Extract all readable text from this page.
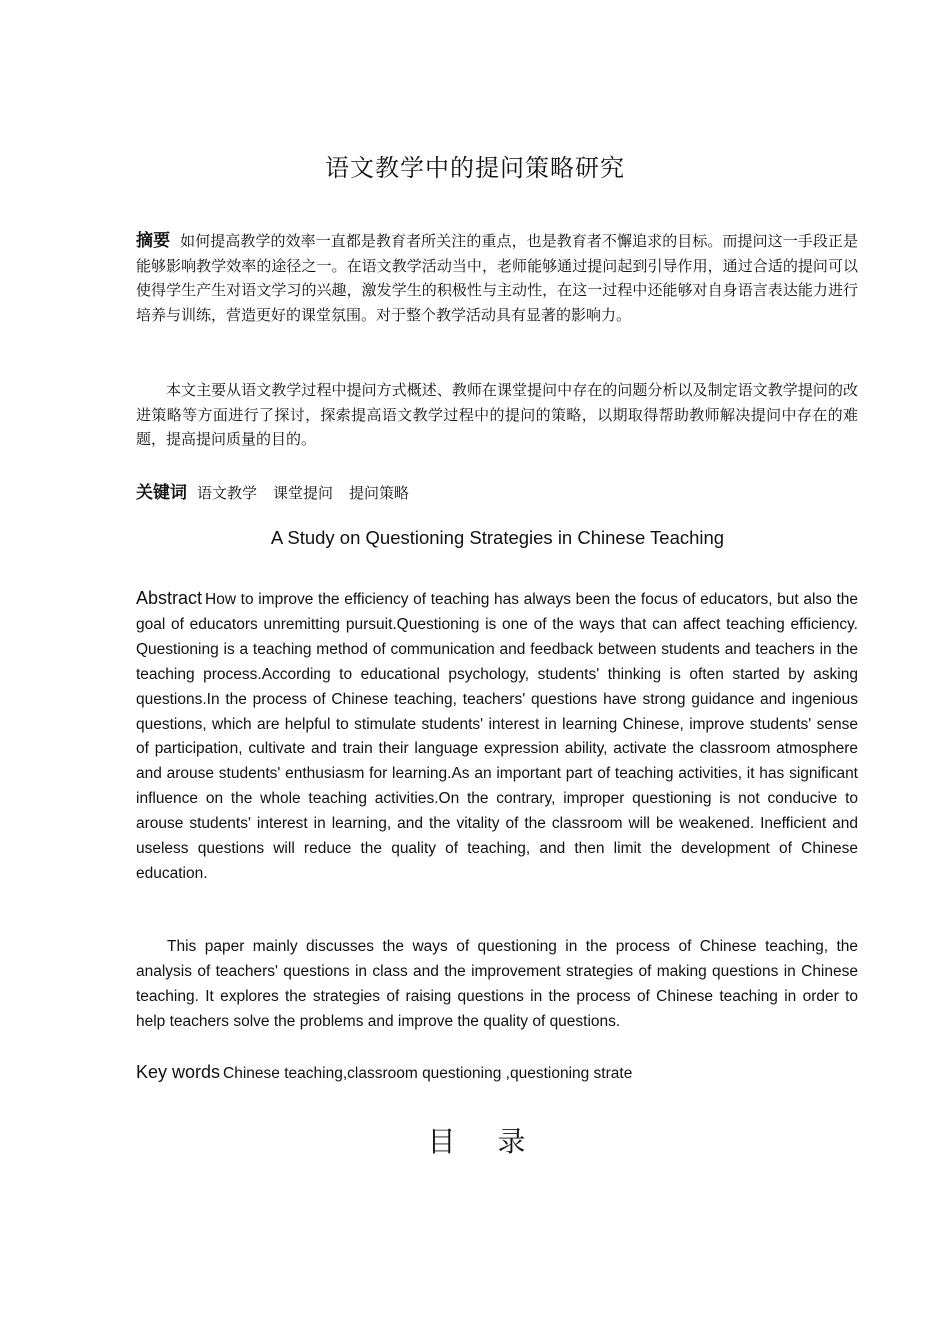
语文教学中的提问策略研究
摘要 如何提高教学的效率一直都是教育者所关注的重点，也是教育者不懈追求的目标。而提问这一手段正是能够影响教学效率的途径之一。在语文教学活动当中，老师能够通过提问起到引导作用，通过合适的提问可以使得学生产生对语文学习的兴趣，激发学生的积极性与主动性，在这一过程中还能够对自身语言表达能力进行培养与训练，营造更好的课堂氛围。对于整个教学活动具有显著的影响力。
本文主要从语文教学过程中提问方式概述、教师在课堂提问中存在的问题分析以及制定语文教学提问的改进策略等方面进行了探讨，探索提高语文教学过程中的提问的策略，以期取得帮助教师解决提问中存在的难题，提高提问质量的目的。
关键词 语文教学 课堂提问 提问策略
A Study on Questioning Strategies in Chinese Teaching
Abstract How to improve the efficiency of teaching has always been the focus of educators, but also the goal of educators unremitting pursuit.Questioning is one of the ways that can affect teaching efficiency. Questioning is a teaching method of communication and feedback between students and teachers in the teaching process.According to educational psychology, students' thinking is often started by asking questions.In the process of Chinese teaching, teachers' questions have strong guidance and ingenious questions, which are helpful to stimulate students' interest in learning Chinese, improve students' sense of participation, cultivate and train their language expression ability, activate the classroom atmosphere and arouse students' enthusiasm for learning.As an important part of teaching activities, it has significant influence on the whole teaching activities.On the contrary, improper questioning is not conducive to arouse students' interest in learning, and the vitality of the classroom will be weakened. Inefficient and useless questions will reduce the quality of teaching, and then limit the development of Chinese education.
This paper mainly discusses the ways of questioning in the process of Chinese teaching, the analysis of teachers' questions in class and the improvement strategies of making questions in Chinese teaching. It explores the strategies of raising questions in the process of Chinese teaching in order to help teachers solve the problems and improve the quality of questions.
Key words Chinese teaching,classroom questioning ,questioning strate
目录
